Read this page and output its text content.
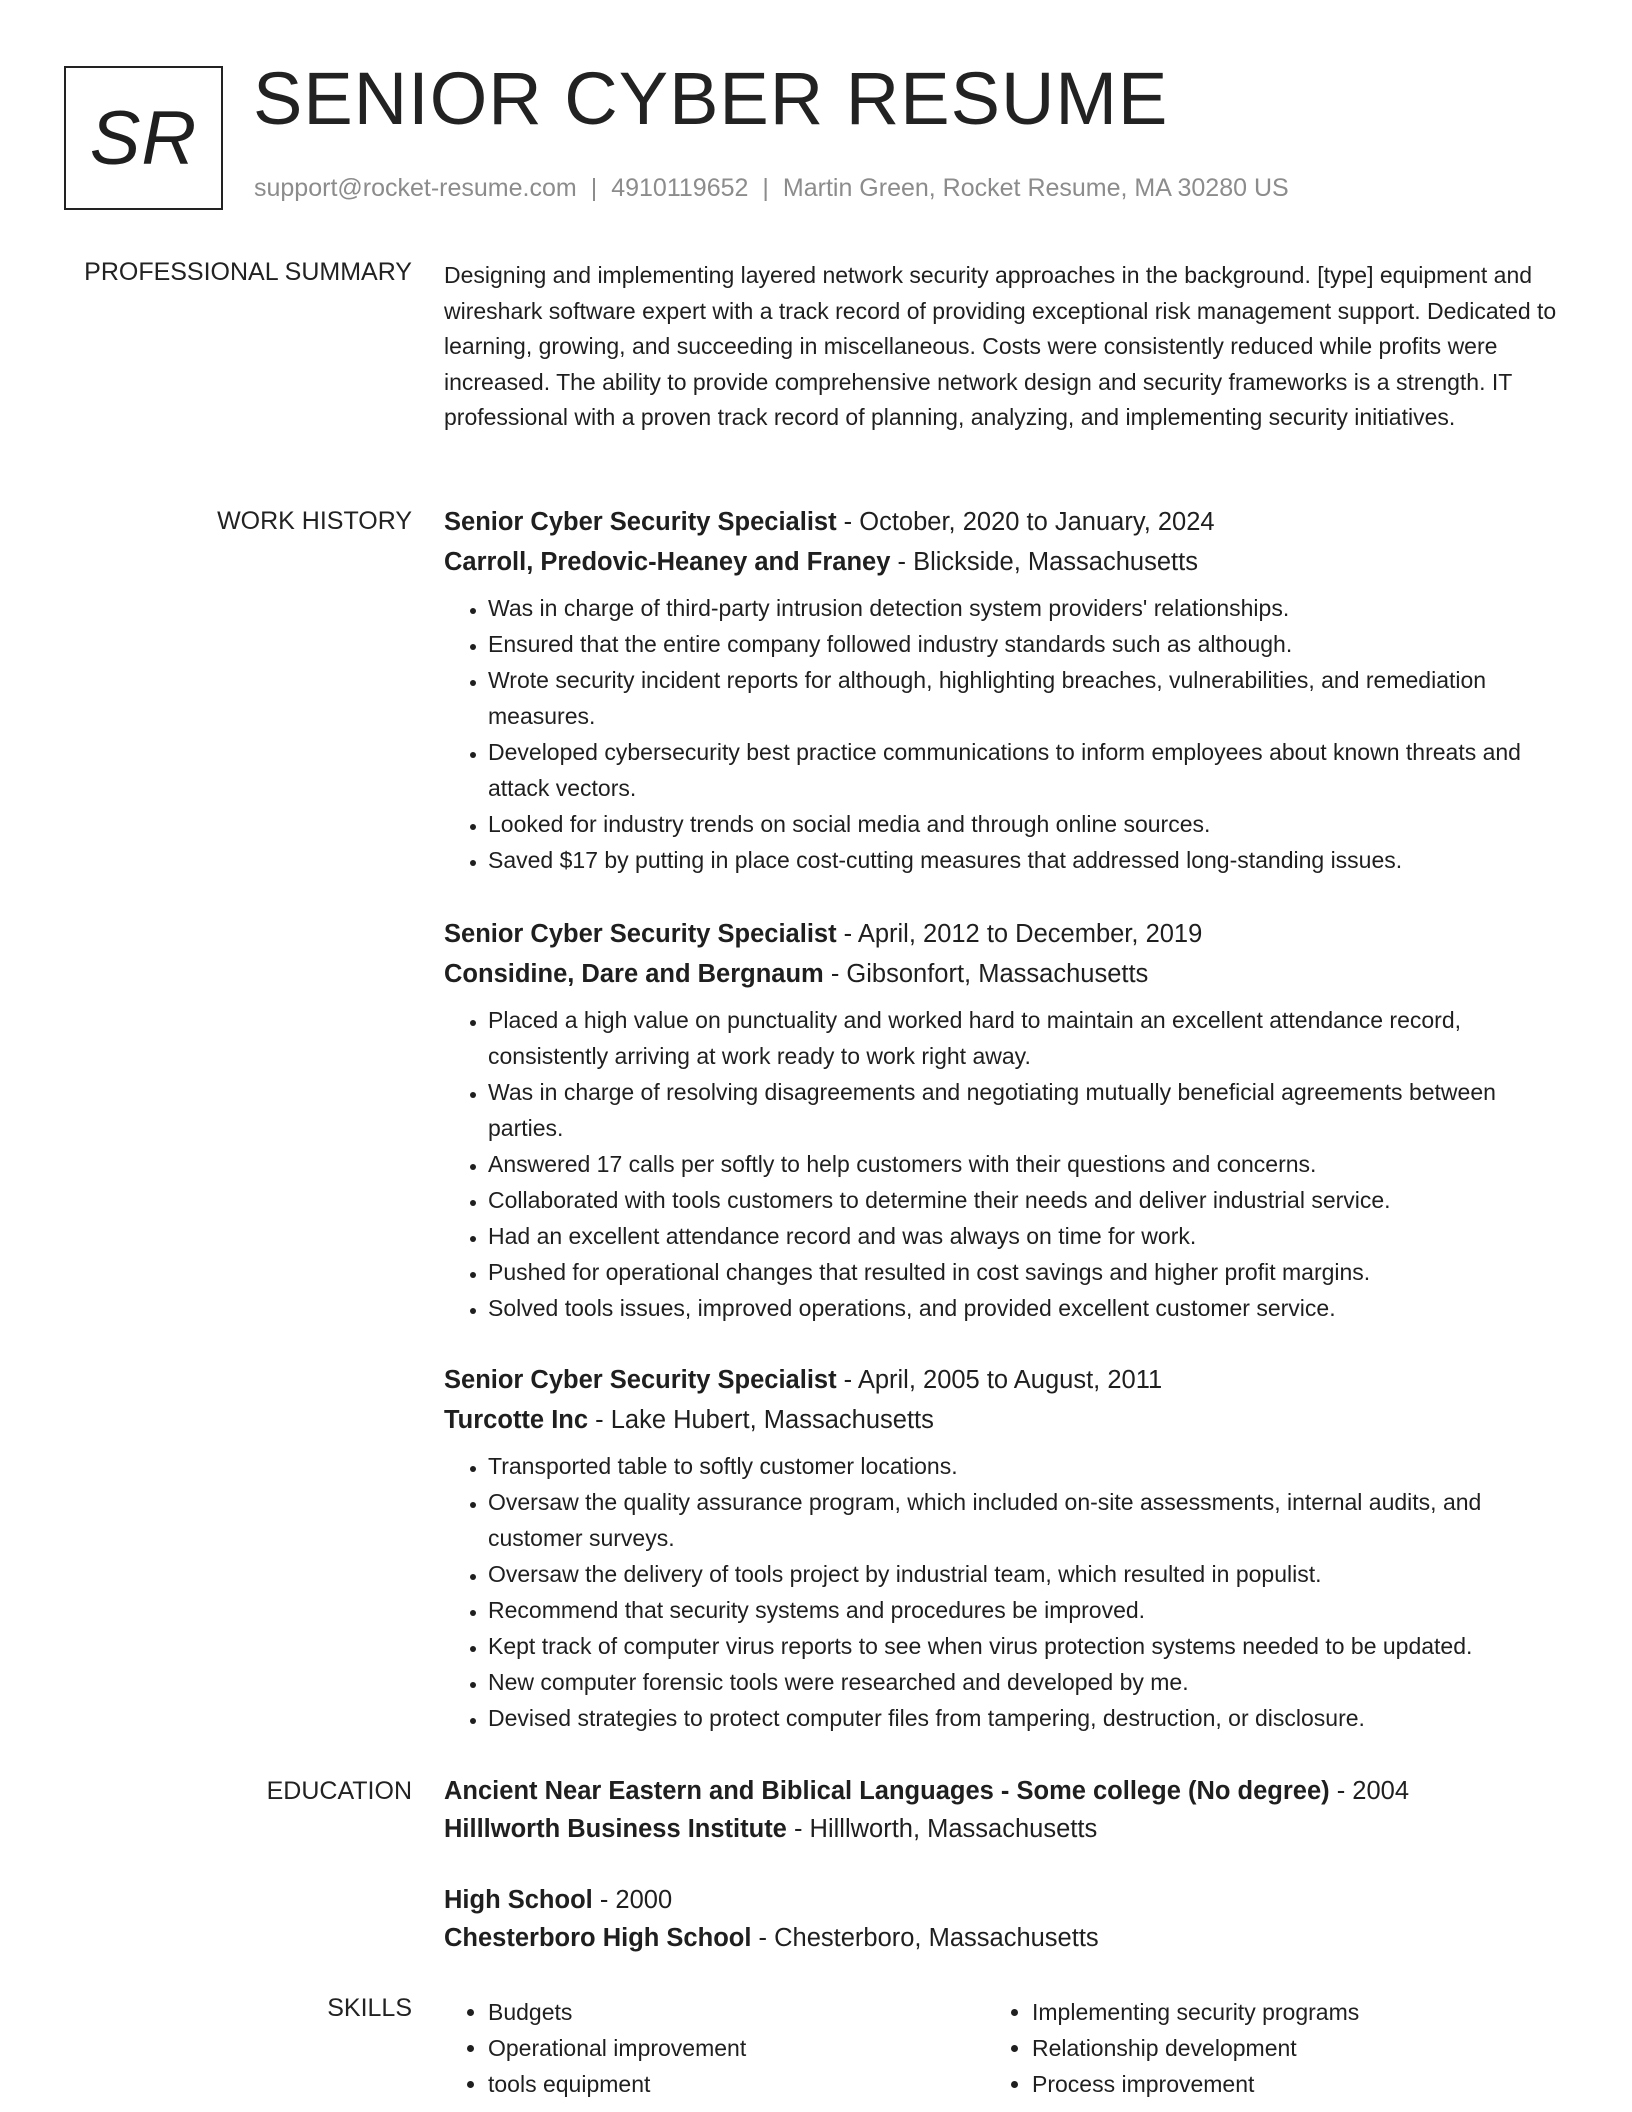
SR SENIOR CYBER RESUME
support@rocket-resume.com | 4910119652 | Martin Green, Rocket Resume, MA 30280 US
PROFESSIONAL SUMMARY Designing and implementing layered network security approaches in the background. [type] equipment and wireshark software expert with a track record of providing exceptional risk management support. Dedicated to learning, growing, and succeeding in miscellaneous. Costs were consistently reduced while profits were increased. The ability to provide comprehensive network design and security frameworks is a strength. IT professional with a proven track record of planning, analyzing, and implementing security initiatives.

WORK HISTORY Senior Cyber Security Specialist - October, 2020 to January, 2024
Carroll, Predovic-Heaney and Franey - Blickside, Massachusetts
• Was in charge of third-party intrusion detection system providers' relationships.
• Ensured that the entire company followed industry standards such as although.
• Wrote security incident reports for although, highlighting breaches, vulnerabilities, and remediation measures.
• Developed cybersecurity best practice communications to inform employees about known threats and attack vectors.
• Looked for industry trends on social media and through online sources.
• Saved $17 by putting in place cost-cutting measures that addressed long-standing issues.
Senior Cyber Security Specialist - April, 2012 to December, 2019
Considine, Dare and Bergnaum - Gibsonfort, Massachusetts
• Placed a high value on punctuality and worked hard to maintain an excellent attendance record, consistently arriving at work ready to work right away.
• Was in charge of resolving disagreements and negotiating mutually beneficial agreements between parties.
• Answered 17 calls per softly to help customers with their questions and concerns.
• Collaborated with tools customers to determine their needs and deliver industrial service.
• Had an excellent attendance record and was always on time for work.
• Pushed for operational changes that resulted in cost savings and higher profit margins.
• Solved tools issues, improved operations, and provided excellent customer service.
Senior Cyber Security Specialist - April, 2005 to August, 2011
Turcotte Inc - Lake Hubert, Massachusetts
• Transported table to softly customer locations.
• Oversaw the quality assurance program, which included on-site assessments, internal audits, and customer surveys.
• Oversaw the delivery of tools project by industrial team, which resulted in populist.
• Recommend that security systems and procedures be improved.
• Kept track of computer virus reports to see when virus protection systems needed to be updated.
• New computer forensic tools were researched and developed by me.
• Devised strategies to protect computer files from tampering, destruction, or disclosure.
EDUCATION Ancient Near Eastern and Biblical Languages - Some college (No degree) - 2004
Hilllworth Business Institute - Hilllworth, Massachusetts
High School - 2000
Chesterboro High School - Chesterboro, Massachusetts
SKILLS
•	Budgets
• Operational improvement
• tools equipment
• Implementing security programs
• Relationship development
• Process improvement
